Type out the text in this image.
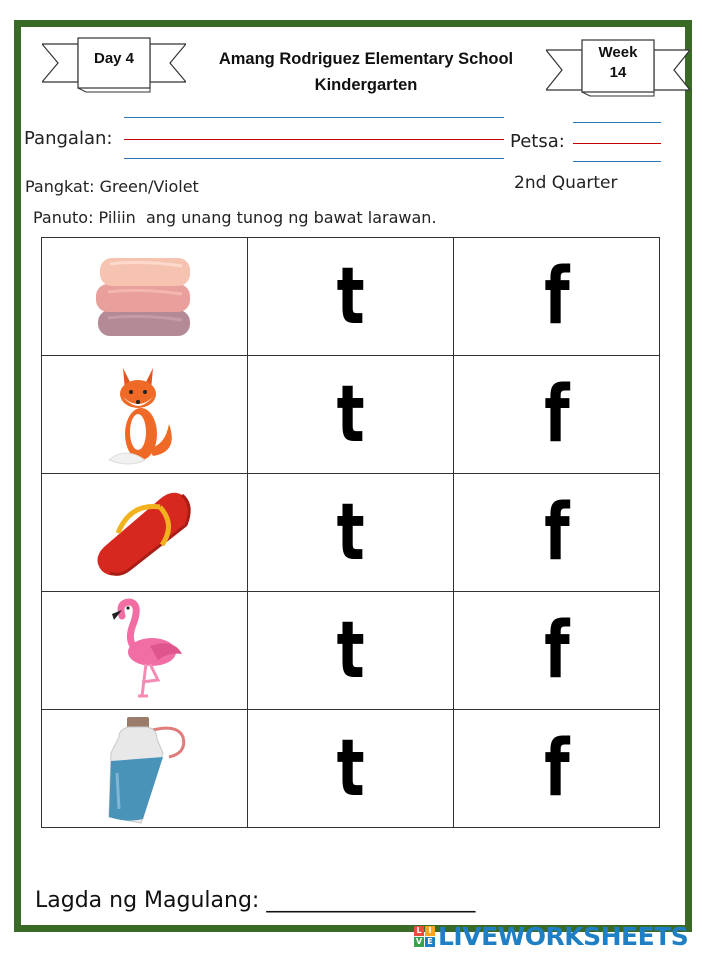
Day 4	Amang Rodriguez Elementary School
Kindergarten
Week
14
Pangalan:	Petsa:
Pangkat: Green/Violet	2nd Quarter
Panuto: Piliin  ang unang tunog ng bawat larawan.
	t	f

	t	f

	t	f

	t	f

	t	f
Lagda ng Magulang: ___________________
L I
V E LIVEWORKSHEETS
